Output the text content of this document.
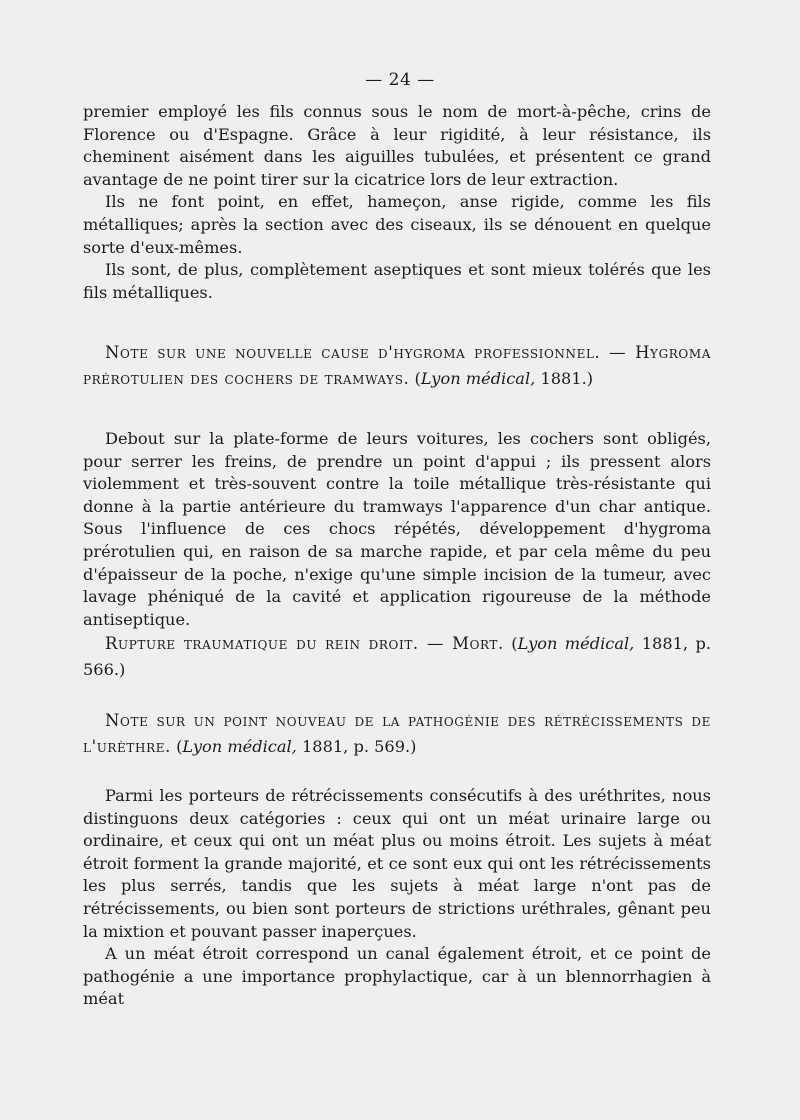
— 24 —

premier employé les fils connus sous le nom de mort-à-pêche, crins de Florence ou d'Espagne. Grâce à leur rigidité, à leur résistance, ils cheminent aisément dans les aiguilles tubulées, et présentent ce grand avantage de ne point tirer sur la cicatrice lors de leur extraction.

Ils ne font point, en effet, hameçon, anse rigide, comme les fils métalliques; après la section avec des ciseaux, ils se dénouent en quelque sorte d'eux-mêmes.

Ils sont, de plus, complètement aseptiques et sont mieux tolérés que les fils métalliques.

Note sur une nouvelle cause d'hygroma professionnel. — Hygroma prérotulien des cochers de tramways. (Lyon médical, 1881.)

Debout sur la plate-forme de leurs voitures, les cochers sont obligés, pour serrer les freins, de prendre un point d'appui ; ils pressent alors violemment et très-souvent contre la toile métallique très-résistante qui donne à la partie antérieure du tramways l'apparence d'un char antique. Sous l'influence de ces chocs répétés, développement d'hygroma prérotulien qui, en raison de sa marche rapide, et par cela même du peu d'épaisseur de la poche, n'exige qu'une simple incision de la tumeur, avec lavage phéniqué de la cavité et application rigoureuse de la méthode antiseptique.

Rupture traumatique du rein droit. — Mort. (Lyon médical, 1881, p. 566.)
Note sur un point nouveau de la pathogénie des rétrécissements de l'urèthre. (Lyon médical, 1881, p. 569.)

Parmi les porteurs de rétrécissements consécutifs à des uréthrites, nous distinguons deux catégories : ceux qui ont un méat urinaire large ou ordinaire, et ceux qui ont un méat plus ou moins étroit. Les sujets à méat étroit forment la grande majorité, et ce sont eux qui ont les rétrécissements les plus serrés, tandis que les sujets à méat large n'ont pas de rétrécissements, ou bien sont porteurs de strictions uréthrales, gênant peu la mixtion et pouvant passer inaperçues.

A un méat étroit correspond un canal également étroit, et ce point de pathogénie a une importance prophylactique, car à un blennorrhagien à méat
